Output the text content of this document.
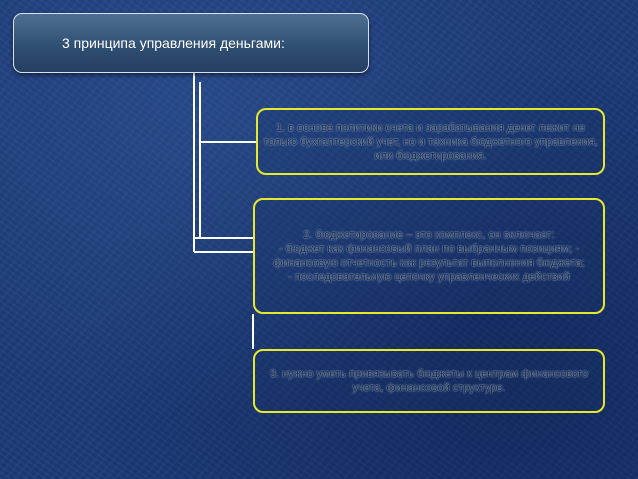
3 принципа управления деньгами:
1. в основе политики счета и зарабатывания денег лежит не только бухгалтерский учет, но и техника бюджетного управления, или бюджетирования.
2. бюджетирование – это комплекс, он включает:
- бюджет как финансовый план по выбранным позициям; - финансовую отчетность как результат выполнения бюджета;
- последовательную цепочку управленческих действий
3. нужно уметь привязывать бюджеты к центрам финансового учета, финансовой структуре.
